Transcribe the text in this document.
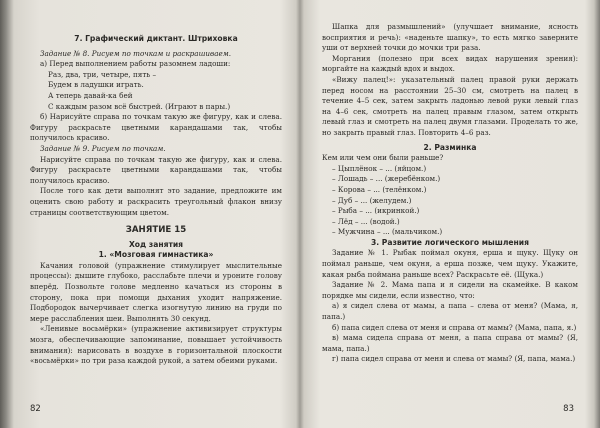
7. Графический диктант. Штриховка

Задание № 8. Рисуем по точкам и раскрашиваем.

а) Перед выполнением работы разомнем ладоши:

Раз, два, три, четыре, пять –
Будем в ладушки играть.
А теперь давай-ка бей
С каждым разом всё быстрей. (Играют в пары.)

б) Нарисуйте справа по точкам такую же фигуру, как и слева. Фигуру раскрасьте цветными карандашами так, чтобы получилось красиво.

Задание № 9. Рисуем по точкам.

Нарисуйте справа по точкам такую же фигуру, как и слева. Фигуру раскрасьте цветными карандашами так, чтобы получилось красиво.

После того как дети выполнят это задание, предложите им оценить свою работу и раскрасить треугольный флакон внизу страницы соответствующим цветом.

ЗАНЯТИЕ 15

Ход занятия

1. «Мозговая гимнастика»

Качания головой (упражнение стимулирует мыслительные процессы): дышите глубоко, расслабьте плечи и уроните голову вперёд. Позвольте голове медленно качаться из стороны в сторону, пока при помощи дыхания уходит напряжение. Подбородок вычерчивает слегка изогнутую линию на груди по мере расслабления шеи. Выполнять 30 секунд.

«Ленивые восьмёрки» (упражнение активизирует структуры мозга, обеспечивающие запоминание, повышает устойчивость внимания): нарисовать в воздухе в горизонтальной плоскости «восьмёрки» по три раза каждой рукой, а затем обеими руками.

82

Шапка для размышлений» (улучшает внимание, ясность восприятия и речь): «наденьте шапку», то есть мягко заверните уши от верхней точки до мочки три раза.

Моргания (полезно при всех видах нарушения зрения): моргайте на каждый вдох и выдох.

«Вижу палец!»: указательный палец правой руки держать перед носом на расстоянии 25–30 см, смотреть на палец в течение 4–5 сек, затем закрыть ладонью левой руки левый глаз на 4–6 сек, смотреть на палец правым глазом, затем открыть левый глаз и смотреть на палец двумя глазами. Проделать то же, но закрыть правый глаз. Повторить 4–6 раз.

2. Разминка

Кем или чем они были раньше?

– Цыплёнок – ... (яйцом.)
– Лошадь – ... (жеребёнком.)
– Корова – ... (телёнком.)
– Дуб – ... (желудем.)
– Рыба – ... (икринкой.)
– Лёд – ... (водой.)
– Мужчина – ... (мальчиком.)

3. Развитие логического мышления

Задание № 1. Рыбак поймал окуня, ерша и щуку. Щуку он поймал раньше, чем окуня, а ерша позже, чем щуку. Укажите, какая рыба поймана раньше всех? Раскрасьте её. (Щука.)

Задание № 2. Мама папа и я сидели на скамейке. В каком порядке мы сидели, если известно, что:

а) я сидел слева от мамы, а папа – слева от меня? (Мама, я, папа.)

б) папа сидел слева от меня и справа от мамы? (Мама, папа, я.)

в) мама сидела справа от меня, а папа справа от мамы? (Я, мама, папа.)

г) папа сидел справа от меня и слева от мамы? (Я, папа, мама.)

83
